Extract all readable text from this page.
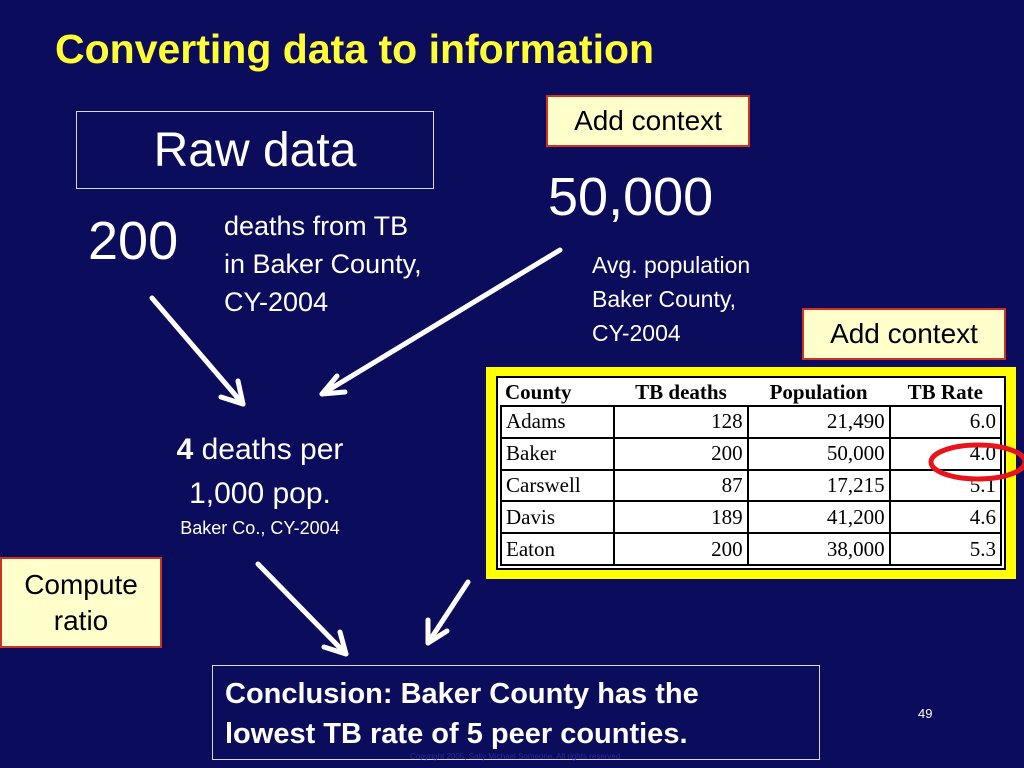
Converting data to information
Raw data
200 deaths from TB
in Baker County,
CY-2004
Add context
50,000
Avg. population
Baker County,
CY-2004	Add context
4 deaths per
1,000 pop.
Baker Co., CY-2004
Compute
ratio
County	TB deaths	Population	TB Rate
Adams	128	21,490	6.0
Baker	200	50,000	4.0
Carswell	87	17,215	5.1
Davis	189	41,200	4.6
Eaton	200	38,000	5.3
Conclusion: Baker County has the
lowest TB rate of 5 peer counties.
49
Copyright 2005, Sally Michael Someone. All rights reserved
